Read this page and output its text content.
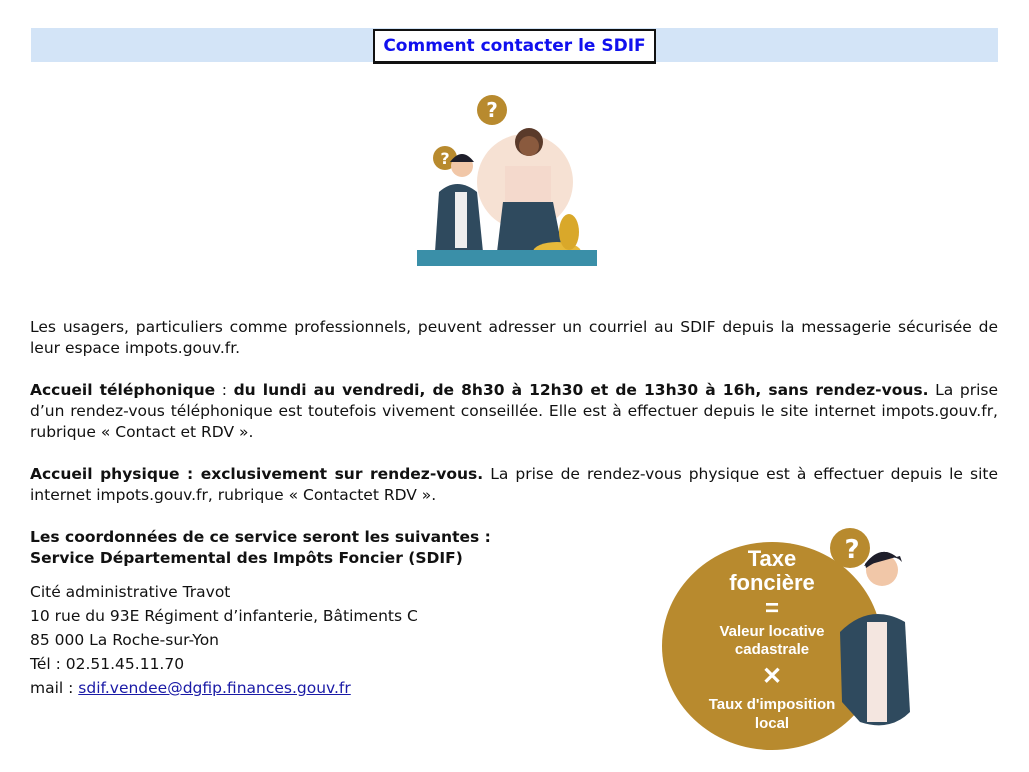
Comment contacter le SDIF
?
?
Les usagers, particuliers comme professionnels, peuvent adresser un courriel au SDIF depuis la messagerie sécurisée de leur espace impots.gouv.fr.
Accueil téléphonique : du lundi au vendredi, de 8h30 à 12h30 et de 13h30 à 16h, sans rendez-vous. La prise d’un rendez-vous téléphonique est toutefois vivement conseillée. Elle est à effectuer depuis le site internet impots.gouv.fr, rubrique « Contact et RDV ».
Accueil physique : exclusivement sur rendez-vous. La prise de rendez-vous physique est à effectuer depuis le site internet impots.gouv.fr, rubrique « Contactet RDV ».
Les coordonnées de ce service seront les suivantes :
Service Départemental des Impôts Foncier (SDIF)
Cité administrative Travot
10 rue du 93E Régiment d’infanterie, Bâtiments C
85 000 La Roche-sur-Yon
Tél : 02.51.45.11.70
mail : sdif.vendee@dgfip.finances.gouv.fr
?
Taxe
foncière
=
Valeur locative
cadastrale
✕
Taux d'imposition
local
